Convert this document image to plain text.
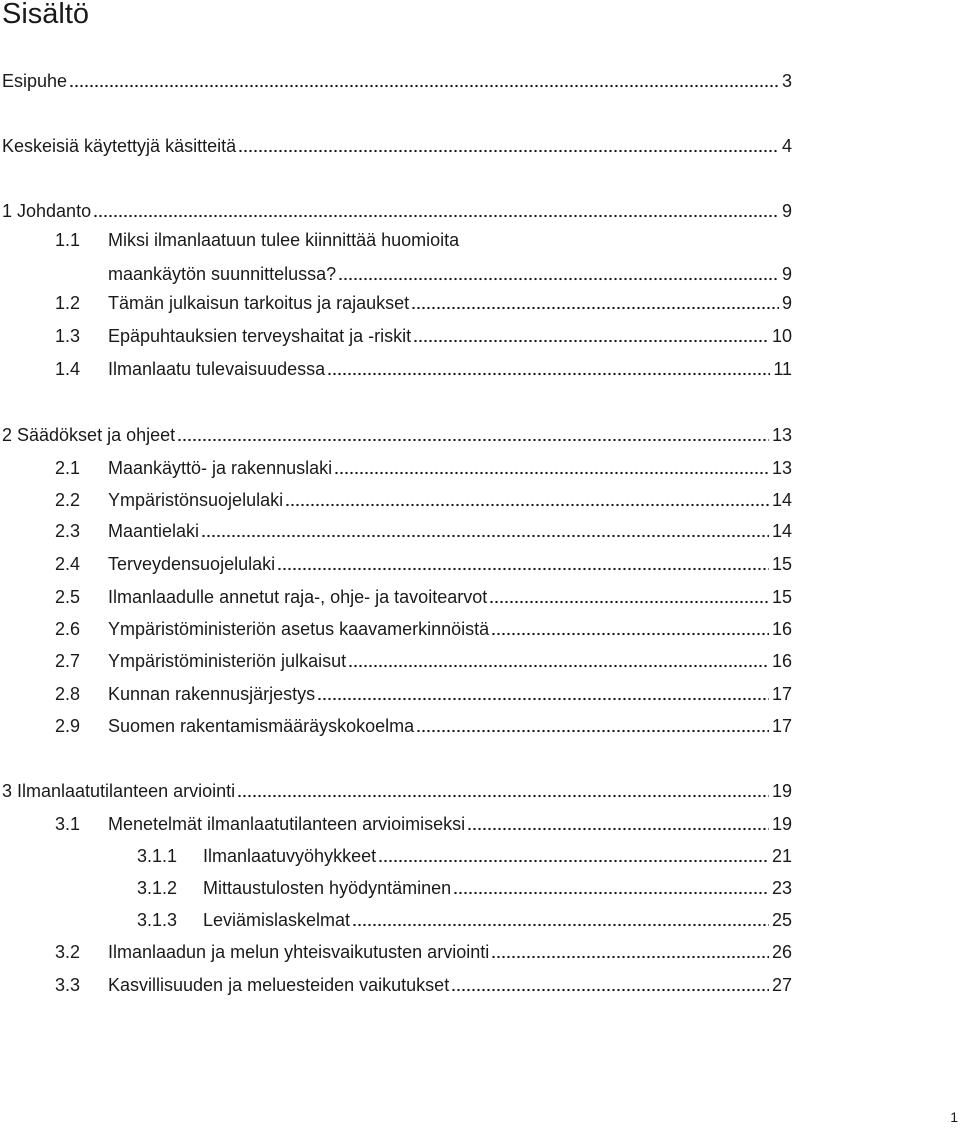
Sisältö
Esipuhe	3
Keskeisiä käytettyjä käsitteitä	4
1 Johdanto	9
1.1 Miksi ilmanlaatuun tulee kiinnittää huomioita
maankäytön suunnittelussa?	9
1.2 Tämän julkaisun tarkoitus ja rajaukset	9
1.3 Epäpuhtauksien terveyshaitat ja -riskit	10
1.4 Ilmanlaatu tulevaisuudessa	11
2 Säädökset ja ohjeet	13
2.1 Maankäyttö- ja rakennuslaki	13
2.2 Ympäristönsuojelulaki	14
2.3 Maantielaki	14
2.4 Terveydensuojelulaki	15
2.5 Ilmanlaadulle annetut raja-, ohje- ja tavoitearvot	15
2.6 Ympäristöministeriön asetus kaavamerkinnöistä	16
2.7 Ympäristöministeriön julkaisut	16
2.8 Kunnan rakennusjärjestys	17
2.9 Suomen rakentamismääräyskokoelma	17
3 Ilmanlaatutilanteen arviointi	19
3.1 Menetelmät ilmanlaatutilanteen arvioimiseksi	19
3.1.1	Ilmanlaatuvyöhykkeet	21
3.1.2	Mittaustulosten hyödyntäminen	23
3.1.3	Leviämislaskelmat	25
3.2 Ilmanlaadun ja melun yhteisvaikutusten arviointi	26
3.3 Kasvillisuuden ja meluesteiden vaikutukset	27
1
